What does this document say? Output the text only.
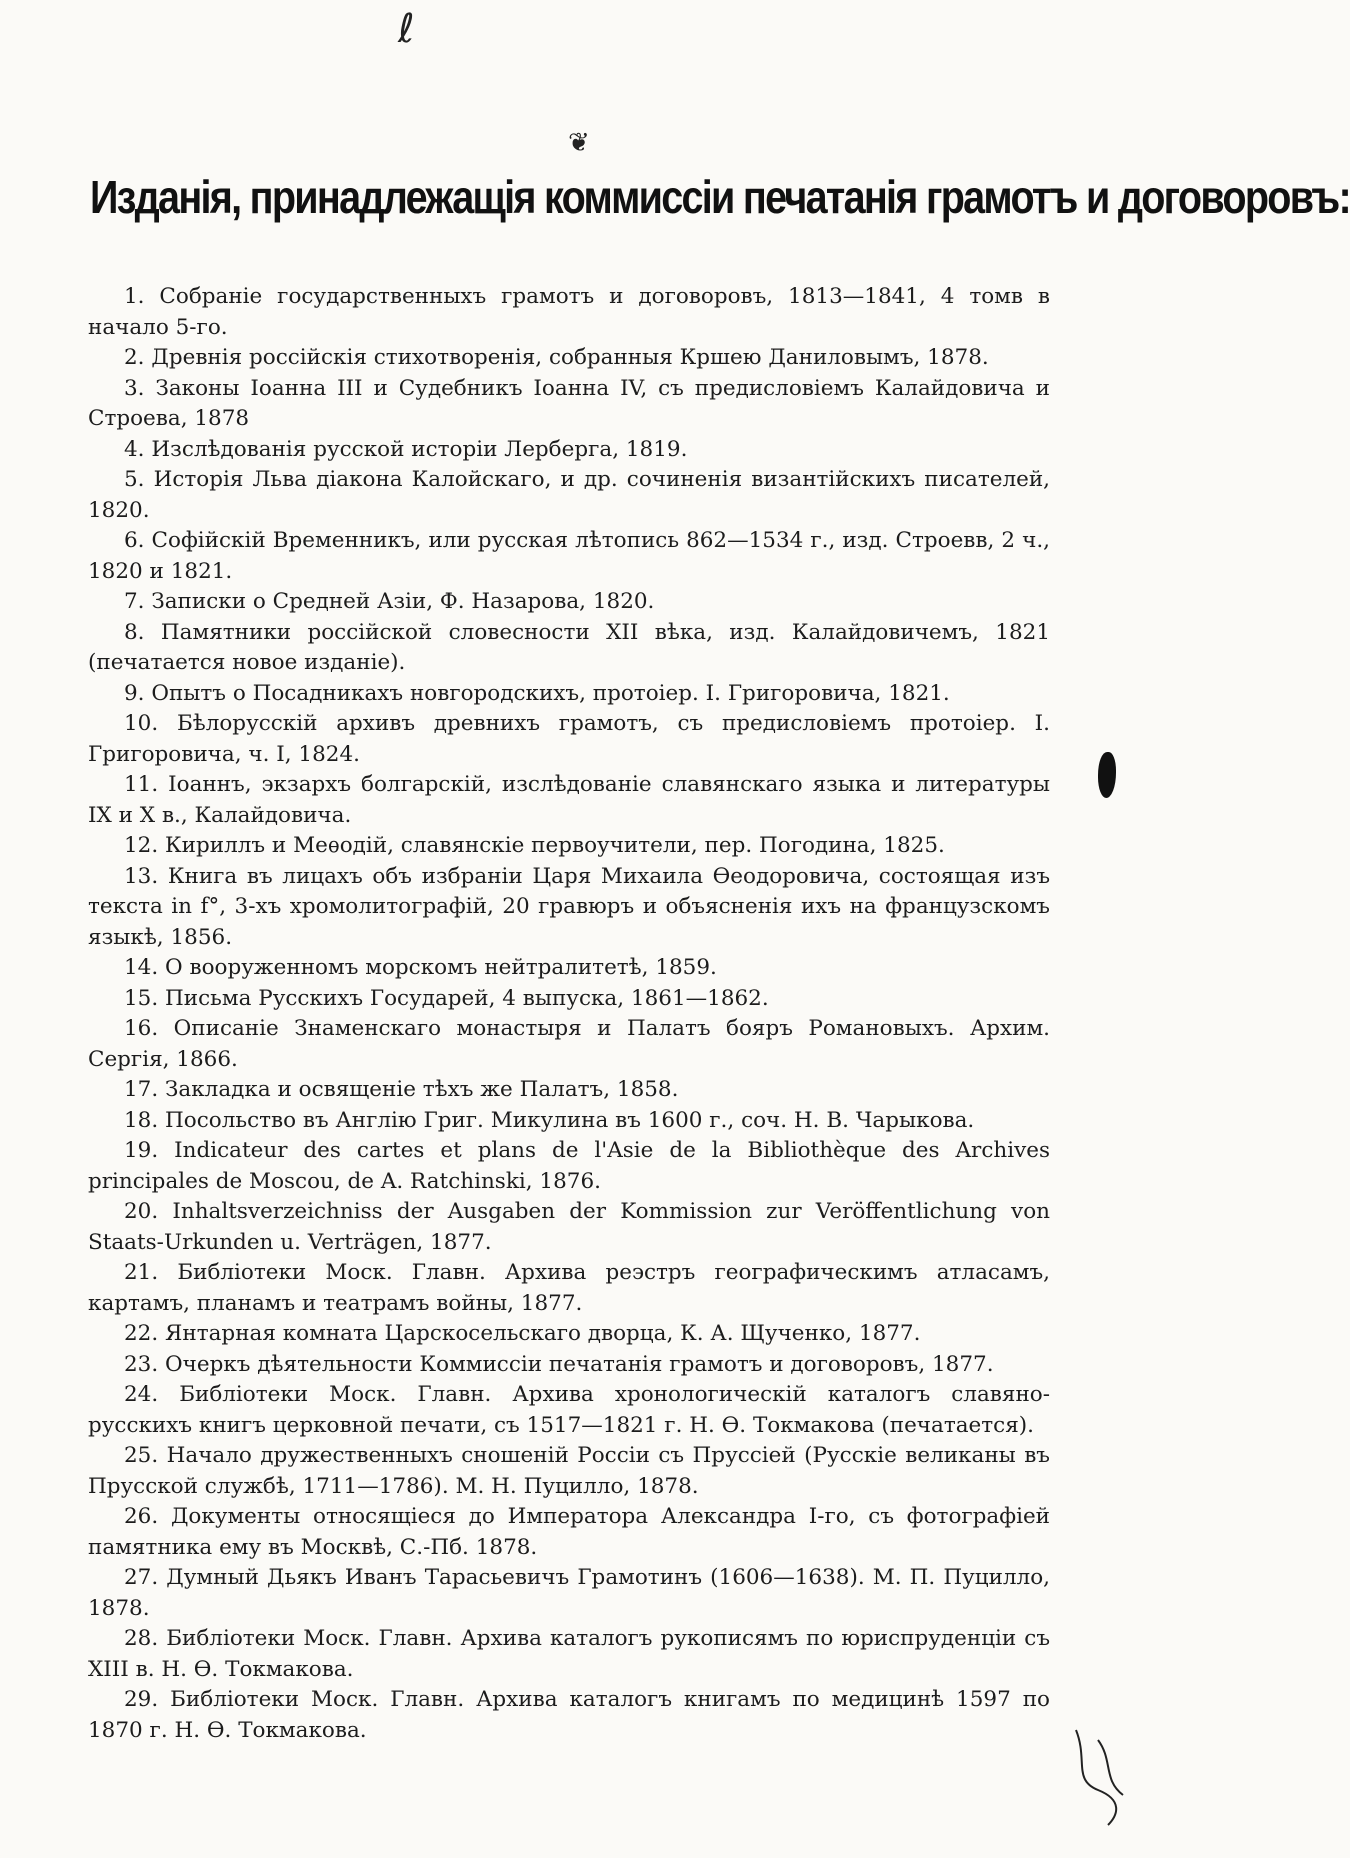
ℓ
❦
Изданія, принадлежащія коммиссіи печатанія грамотъ и договоровъ:

1. Собраніе государственныхъ грамотъ и договоровъ, 1813—1841, 4 томв в начало 5-го.

2. Древнія россійскія стихотворенія, собранныя Кршею Даниловымъ, 1878.

3. Законы Іоанна III и Судебникъ Іоанна IV, съ предисловіемъ Калайдовича и Строева, 1878

4. Изслѣдованія русской исторіи Лерберга, 1819.

5. Исторія Льва діакона Калойскаго, и др. сочиненія византійскихъ писателей, 1820.

6. Софійскій Временникъ, или русская лѣтопись 862—1534 г., изд. Строевв, 2 ч., 1820 и 1821.

7. Записки о Средней Азіи, Ф. Назарова, 1820.

8. Памятники россійской словесности XII вѣка, изд. Калайдовичемъ, 1821 (печатается новое изданіе).

9. Опытъ о Посадникахъ новгородскихъ, протоіер. І. Григоровича, 1821.

10. Бѣлорусскій архивъ древнихъ грамотъ, съ предисловіемъ протоіер. І. Григоровича, ч. I, 1824.

11. Іоаннъ, экзархъ болгарскій, изслѣдованіе славянскаго языка и литературы IX и X в., Калайдовича.

12. Кириллъ и Меѳодій, славянскіе первоучители, пер. Погодина, 1825.

13. Книга въ лицахъ объ избраніи Царя Михаила Ѳеодоровича, состоящая изъ текста in f°, 3-хъ хромолитографій, 20 гравюръ и объясненія ихъ на французскомъ языкѣ, 1856.

14. О вооруженномъ морскомъ нейтралитетѣ, 1859.

15. Письма Русскихъ Государей, 4 выпуска, 1861—1862.

16. Описаніе Знаменскаго монастыря и Палатъ бояръ Романовыхъ. Архим. Сергія, 1866.

17. Закладка и освященіе тѣхъ же Палатъ, 1858.

18. Посольство въ Англію Григ. Микулина въ 1600 г., соч. Н. В. Чарыкова.

19. Indicateur des cartes et plans de l'Asie de la Bibliothèque des Archives principales de Moscou, de A. Ratchinski, 1876.

20. Inhaltsverzeichniss der Ausgaben der Kommission zur Veröffentlichung von Staats-Urkunden u. Verträgen, 1877.

21. Библіотеки Моск. Главн. Архива реэстръ географическимъ атласамъ, картамъ, планамъ и театрамъ войны, 1877.

22. Янтарная комната Царскосельскаго дворца, К. А. Щученко, 1877.

23. Очеркъ дѣятельности Коммиссіи печатанія грамотъ и договоровъ, 1877.

24. Библіотеки Моск. Главн. Архива хронологическій каталогъ славяно-русскихъ книгъ церковной печати, съ 1517—1821 г. Н. Ѳ. Токмакова (печатается).

25. Начало дружественныхъ сношеній Россіи съ Пруссіей (Русскіе великаны въ Прусской службѣ, 1711—1786). М. Н. Пуцилло, 1878.

26. Документы относящіеся до Императора Александра I-го, съ фотографіей памятника ему въ Москвѣ, С.-Пб. 1878.

27. Думный Дьякъ Иванъ Тарасьевичъ Грамотинъ (1606—1638). М. П. Пуцилло, 1878.

28. Библіотеки Моск. Главн. Архива каталогъ рукописямъ по юриспруденціи съ XIII в. Н. Ѳ. Токмакова.

29. Библіотеки Моск. Главн. Архива каталогъ книгамъ по медицинѣ 1597 по 1870 г. Н. Ѳ. Токмакова.
